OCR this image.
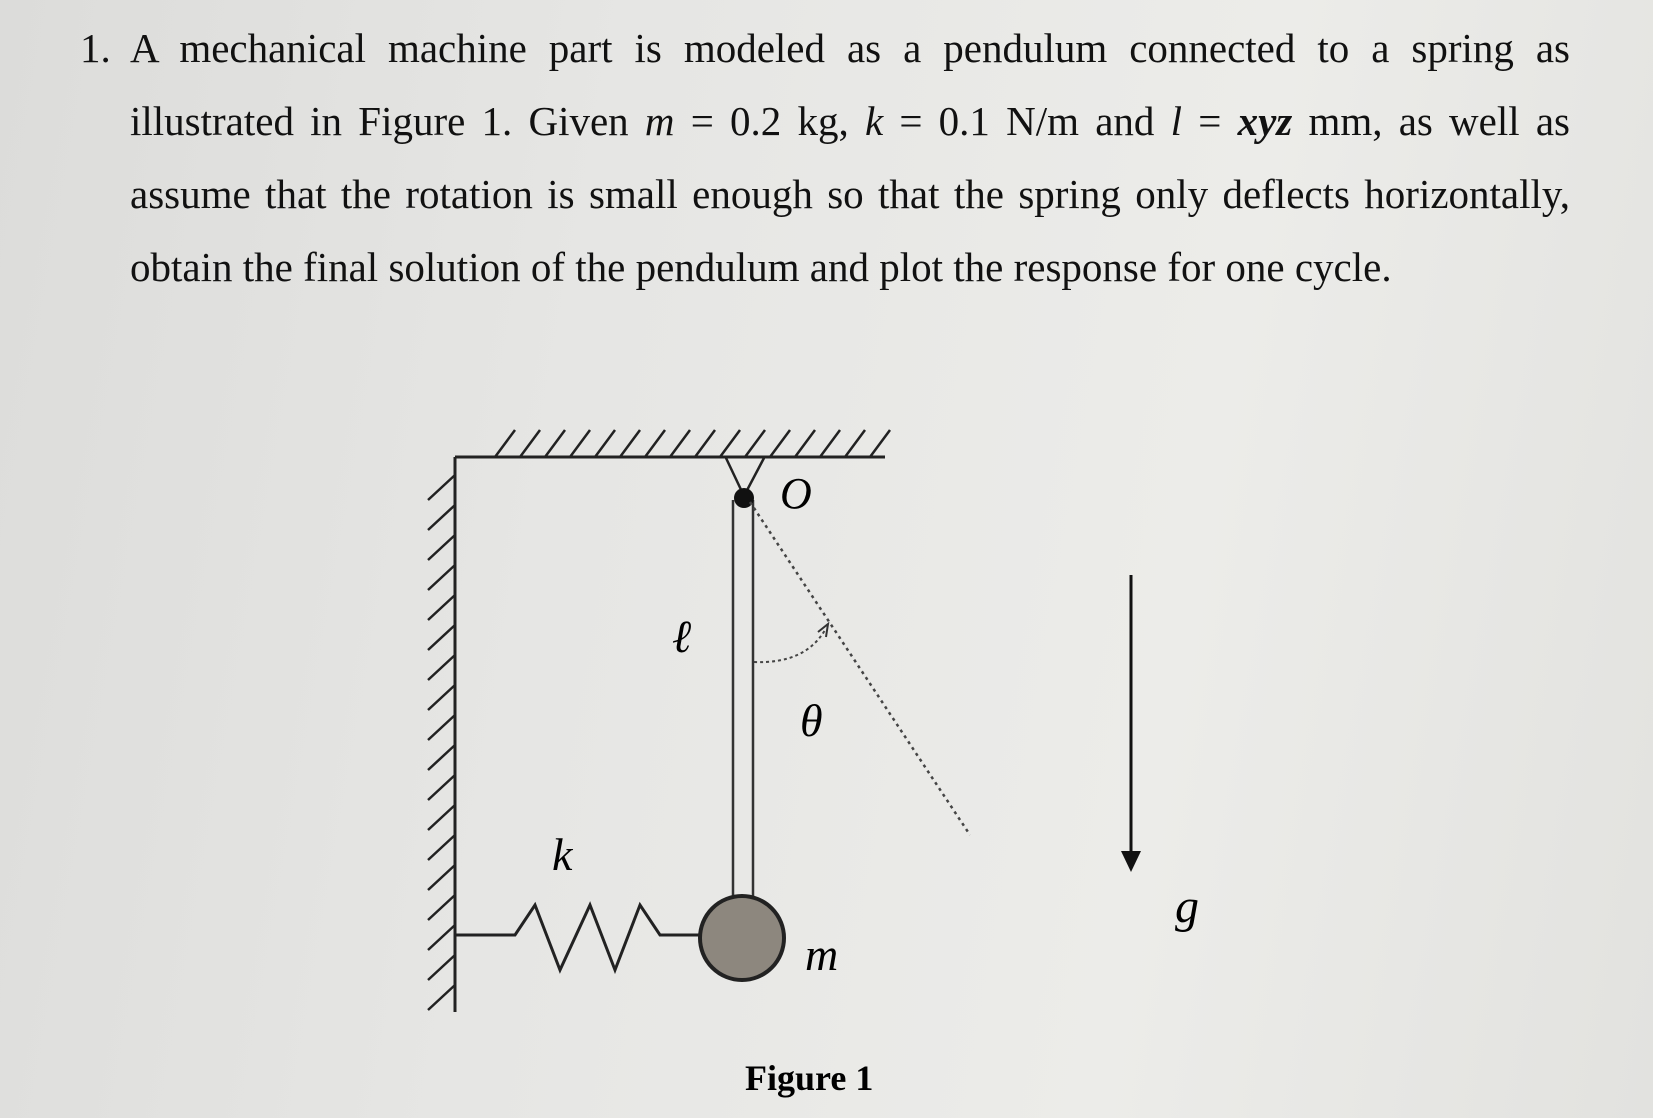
1. A mechanical machine part is modeled as a pendulum connected to a spring as illustrated in Figure 1. Given m = 0.2 kg, k = 0.1 N/m and l = xyz mm, as well as assume that the rotation is small enough so that the spring only deflects horizontally, obtain the final solution of the pendulum and plot the response for one cycle.
O
ℓ
θ
k
m
g
Figure 1
